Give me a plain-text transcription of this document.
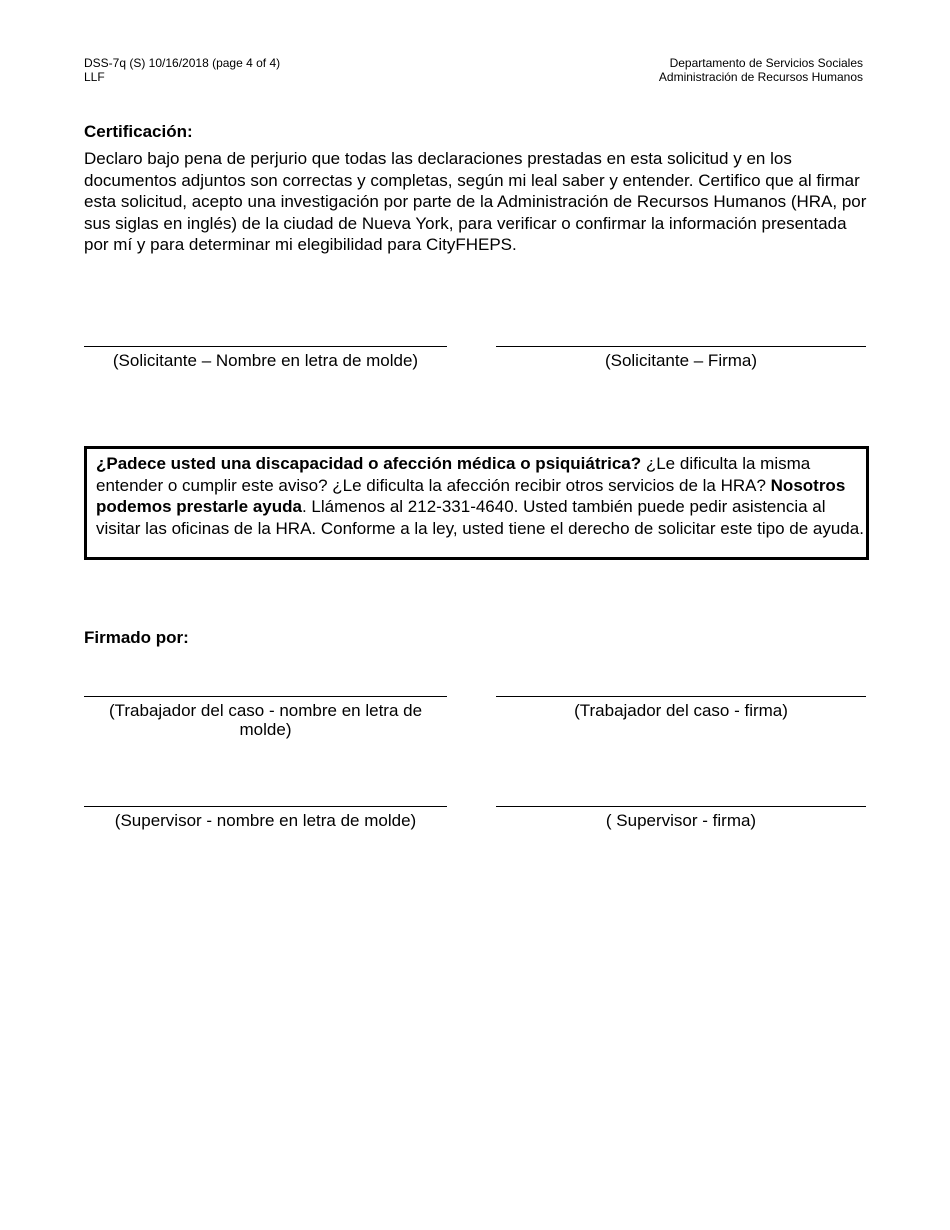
DSS-7q (S) 10/16/2018 (page 4 of 4)
LLF
Departamento de Servicios Sociales
Administración de Recursos Humanos
Certificación:
Declaro bajo pena de perjurio que todas las declaraciones prestadas en esta solicitud y en los documentos adjuntos son correctas y completas, según mi leal saber y entender. Certifico que al firmar esta solicitud, acepto una investigación por parte de la Administración de Recursos Humanos (HRA, por sus siglas en inglés) de la ciudad de Nueva York, para verificar o confirmar la información presentada por mí y para determinar mi elegibilidad para CityFHEPS.
(Solicitante – Nombre en letra de molde)	(Solicitante – Firma)
¿Padece usted una discapacidad o afección médica o psiquiátrica? ¿Le dificulta la misma entender o cumplir este aviso? ¿Le dificulta la afección recibir otros servicios de la HRA? Nosotros podemos prestarle ayuda. Llámenos al 212-331-4640. Usted también puede pedir asistencia al visitar las oficinas de la HRA. Conforme a la ley, usted tiene el derecho de solicitar este tipo de ayuda.
Firmado por:
(Trabajador del caso - nombre en letra de molde)
(Trabajador del caso - firma)
(Supervisor - nombre en letra de molde)	( Supervisor - firma)
